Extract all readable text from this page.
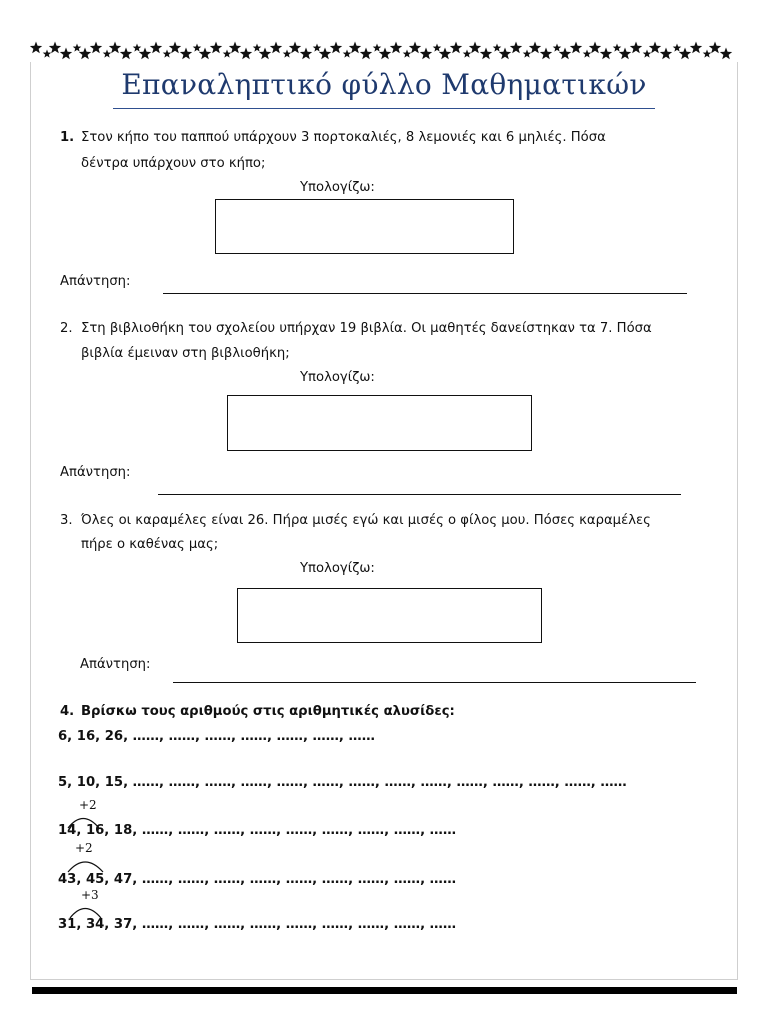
Επαναληπτικό φύλλο Μαθηματικών
1. Στον κήπο του παππού υπάρχουν 3 πορτοκαλιές, 8 λεμονιές και 6 μηλιές. Πόσα
δέντρα υπάρχουν στο κήπο;
Υπολογίζω:
Απάντηση:
2. Στη βιβλιοθήκη του σχολείου υπήρχαν 19 βιβλία. Οι μαθητές δανείστηκαν τα 7. Πόσα
βιβλία έμειναν στη βιβλιοθήκη;
Υπολογίζω:
Απάντηση:
3. Όλες οι καραμέλες είναι 26. Πήρα μισές εγώ και μισές ο φίλος μου. Πόσες καραμέλες
πήρε ο καθένας μας;
Υπολογίζω:
Απάντηση:
4. Βρίσκω τους αριθμούς στις αριθμητικές αλυσίδες:
6, 16, 26, ……, ……, ……, ……, ……, ……, ……
5, 10, 15, ……, ……, ……, ……, ……, ……, ……, ……, ……, ……, ……, ……, ……, ……
+2
14, 16, 18, ……, ……, ……, ……, ……, ……, ……, ……, ……
+2
43, 45, 47, ……, ……, ……, ……, ……, ……, ……, ……, ……
+3
31, 34, 37, ……, ……, ……, ……, ……, ……, ……, ……, ……
